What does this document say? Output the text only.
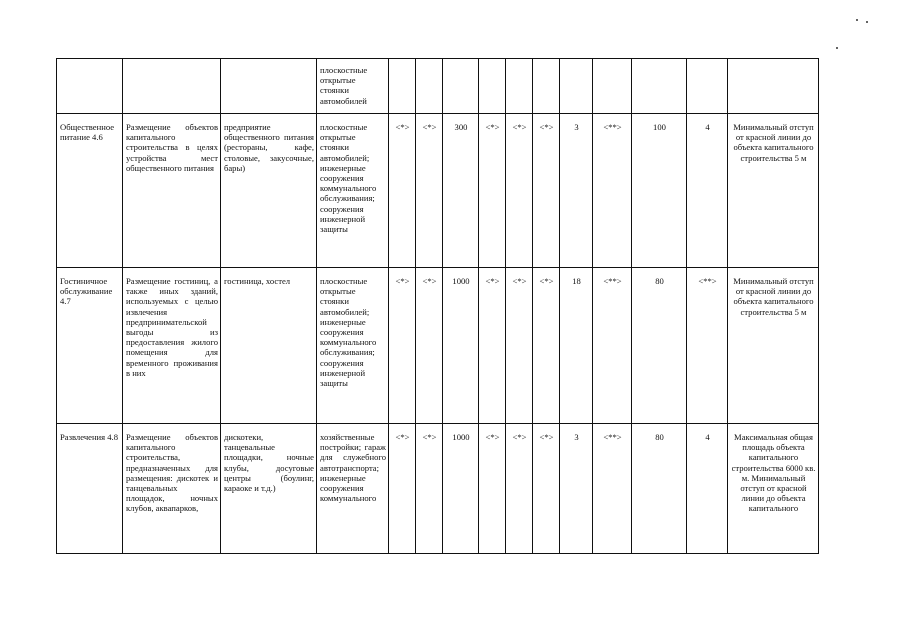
			плоскостные открытые стоянки автомобилей											
Общественное питание 4.6	Размещение объектов капитального строительства в целях устройства мест общественного питания	предприятие общественного питания (рестораны, кафе, столовые, закусочные, бары)	плоскостные открытые стоянки автомобилей; инженерные сооружения коммунального обслуживания; сооружения инженерной защиты	<*>	<*>	300	<*>	<*>	<*>	3	<**>	100	4	Минимальный отступ от красной линии до объекта капитального строительства 5 м
Гостиничное обслуживание 4.7	Размещение гостиниц, а также иных зданий, используемых с целью извлечения предпринимательской выгоды из предоставления жилого помещения для временного проживания в них	гостиница, хостел	плоскостные открытые стоянки автомобилей; инженерные сооружения коммунального обслуживания; сооружения инженерной защиты	<*>	<*>	1000	<*>	<*>	<*>	18	<**>	80	<**>	Минимальный отступ от красной линии до объекта капитального строительства 5 м
Развлечения 4.8	Размещение объектов капитального строительства, предназначенных для размещения: дискотек и танцевальных площадок, ночных клубов, аквапарков,	дискотеки, танцевальные площадки, ночные клубы, досуговые центры (боулинг, караоке и т.д.)	хозяйственные постройки; гараж для служебного автотранспорта; инженерные сооружения коммунального	<*>	<*>	1000	<*>	<*>	<*>	3	<**>	80	4	Максимальная общая площадь объекта капитального строительства 6000 кв. м. Минимальный отступ от красной линии до объекта капитального
